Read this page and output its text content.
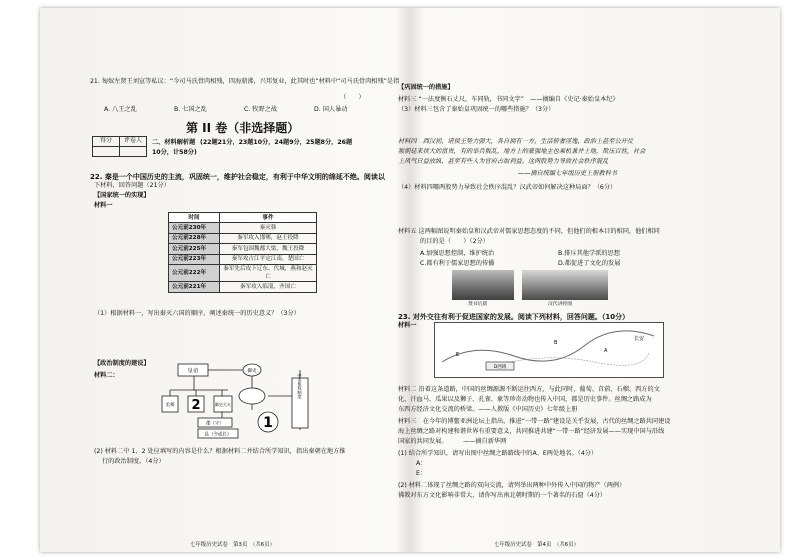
21. 匈奴左贤王刘宣等私议：“今司马氏骨肉相残，四海鼎沸，兴邦复业，此其时也”材料中“司马氏骨肉相残”是指
（　　）
A. 八王之乱	B. 七国之乱	C. 牧野之战	D. 国人暴动
第 II 卷（非选择题）
得分	评卷人
	二、材料解析题 (22题21分，23题10分，24题9分，25题8分，26题
10分，计58分)
22. 秦是一个中国历史的主流，巩固统一，维护社会稳定，有利于中华文明的绵延不绝。阅读以
下材料，回答问题（21分）
【国家统一的实现】
材料一
时间	事件
公元前230年	秦灭韩
公元前228年	秦军攻入邯郸，赵王投降
公元前225年	秦军包围魏都大梁，魏王投降
公元前223年	秦军攻占江平定江南，楚国亡
公元前222年	秦军先后攻下辽东、代城，燕和赵灭亡
公元前221年	秦军攻入临淄，齐国亡
（1）根据材料一，写出秦灭六国的顺序，阐述秦统一的历史意义？（3分）
【政治制度的建设】
材料二：
皇帝	御史
丞相 2	御史大夫
郡（守）
县（令或长）
1
中央集权制度
(2) 材料二中 1、2 处应填写的内容是什么？根据材料二并结合所学知识，指出秦朝在地方推
行的政治制度。（4分）
七年级历史试卷　第3页　（共6页）
【巩固统一的措施】
材料三 “一法度衡石丈尺，车同轨，书同文字”　——摘编自《史记·秦始皇本纪》
（3）材料三包含了秦始皇巩固统一的哪些措施？（3分）
材料四　西汉初，诸侯王势力强大，各自拥有一方，生活骄奢淫逸，政治上甚至公开反
叛朝廷来挟大的富贵，有的举兵叛乱，地方上的豪强地主也乘机兼并土地，欺压百姓，社会
上风气日益放纵，甚至有些人为官府占取利益。这两股势力导致社会秩序混乱
——摘自统编七年级历史上册教科书
（4）材料四哪两股势力导致社会秩序混乱？汉武帝如何解决这种局面？（6分）
材料五 这两幅图说明秦始皇和汉武帝对儒家思想态度的不同，但他们的根本目的相同，他们相同
的目的是（　　）（2分）
A.加强思想控制，维护统治	B.排斥其他学派的思想
C.都有利于儒家思想的传播	D.都促进了文化的发展
焚书坑儒	汉代讲经图
23. 对外交往有利于促进国家的发展。阅读下列材料，回答问题。（10分）
材料一
D西域
长安
A
B
E
材料二 沿着这条道路，中国的丝绸源源不断运往西方，与此同时，葡萄、苜蓿、石榴、西方的文
化、汗血马、瓜果以及狮子、孔雀、象等珍奇动物也传入中国，都是历史事件。丝绸之路成为
东西方经济文化交流的桥梁。——人教版《中国历史》七年级上册
材料三　在今年的博鳌亚洲论坛上指出，推进“一带一路”建设是关乎发展，古代的丝绸之路共同建设
海上丝绸之路对构建和谐世界有重要意义，共同推进共建“一带一路”经济发展——实现中国与沿线
国家的共同发展。　　　——摘自新华网
(1) 结合所学知识，请写出图中丝绸之路路线中的A、E两处地名。（4分）
A：
E：
(2) 材料二体现了丝绸之路的双向交流，请列举出两种中外传入中国的物产（两例）
佛教对东方文化影响非常大，请你写出南北朝时期的一个著名的石窟（4分）
七年级历史试卷　第4页　（共6页）
